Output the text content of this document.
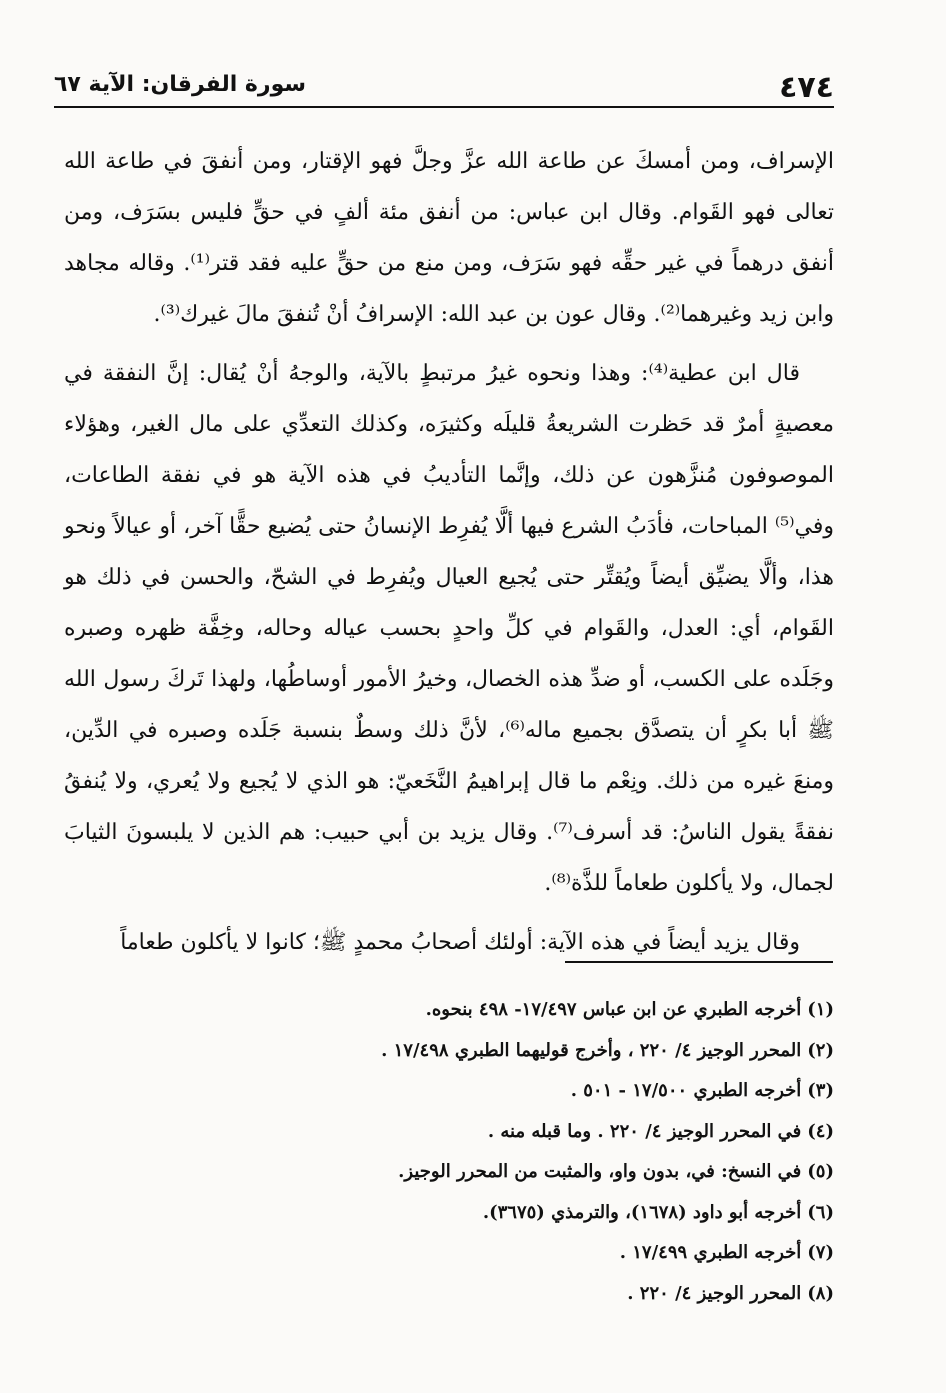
٤٧٤
سورة الفرقان: الآية ٦٧

الإسراف، ومن أمسكَ عن طاعة الله عزَّ وجلَّ فهو الإقتار، ومن أنفقَ في طاعة الله تعالى فهو القَوام. وقال ابن عباس: من أنفق مئة ألفٍ في حقٍّ فليس بسَرَف، ومن أنفق درهماً في غير حقِّه فهو سَرَف، ومن منع من حقٍّ عليه فقد قتر⁽¹⁾. وقاله مجاهد وابن زيد وغيرهما⁽²⁾. وقال عون بن عبد الله: الإسرافُ أنْ تُنفقَ مالَ غيرك⁽³⁾.

قال ابن عطية⁽⁴⁾: وهذا ونحوه غيرُ مرتبطٍ بالآية، والوجهُ أنْ يُقال: إنَّ النفقة في معصيةٍ أمرٌ قد حَظرت الشريعةُ قليلَه وكثيرَه، وكذلك التعدِّي على مال الغير، وهؤلاء الموصوفون مُنزَّهون عن ذلك، وإنَّما التأديبُ في هذه الآية هو في نفقة الطاعات، وفي⁽⁵⁾ المباحات، فأدَبُ الشرع فيها ألَّا يُفرِط الإنسانُ حتى يُضيع حقًّا آخر، أو عيالاً ونحو هذا، وألَّا يضيِّق أيضاً ويُقتِّر حتى يُجيع العيال ويُفرِط في الشحّ، والحسن في ذلك هو القَوام، أي: العدل، والقَوام في كلِّ واحدٍ بحسب عياله وحاله، وخِفَّة ظهره وصبره وجَلَده على الكسب، أو ضدِّ هذه الخصال، وخيرُ الأمور أوساطُها، ولهذا تَركَ رسول الله ﷺ أبا بكرٍ أن يتصدَّق بجميع ماله⁽⁶⁾، لأنَّ ذلك وسطٌ بنسبة جَلَده وصبره في الدِّين، ومنعَ غيره من ذلك. ونِعْم ما قال إبراهيمُ النَّخَعيّ: هو الذي لا يُجيع ولا يُعري، ولا يُنفقُ نفقةً يقول الناسُ: قد أسرف⁽⁷⁾. وقال يزيد بن أبي حبيب: هم الذين لا يلبسونَ الثيابَ لجمال، ولا يأكلون طعاماً للذَّة⁽⁸⁾.

وقال يزيد أيضاً في هذه الآية: أولئك أصحابُ محمدٍ ﷺ؛ كانوا لا يأكلون طعاماً

(١)أخرجه الطبري عن ابن عباس ١٧/٤٩٧- ٤٩٨ بنحوه.
(٢)المحرر الوجيز ٤/ ٢٢٠ ، وأخرج قوليهما الطبري ١٧/٤٩٨ .
(٣)أخرجه الطبري ١٧/٥٠٠ - ٥٠١ .
(٤)في المحرر الوجيز ٤/ ٢٢٠ . وما قبله منه .
(٥)في النسخ: في، بدون واو، والمثبت من المحرر الوجيز.
(٦)أخرجه أبو داود (١٦٧٨)، والترمذي (٣٦٧٥).
(٧)أخرجه الطبري ١٧/٤٩٩ .
(٨)المحرر الوجيز ٤/ ٢٢٠ .
